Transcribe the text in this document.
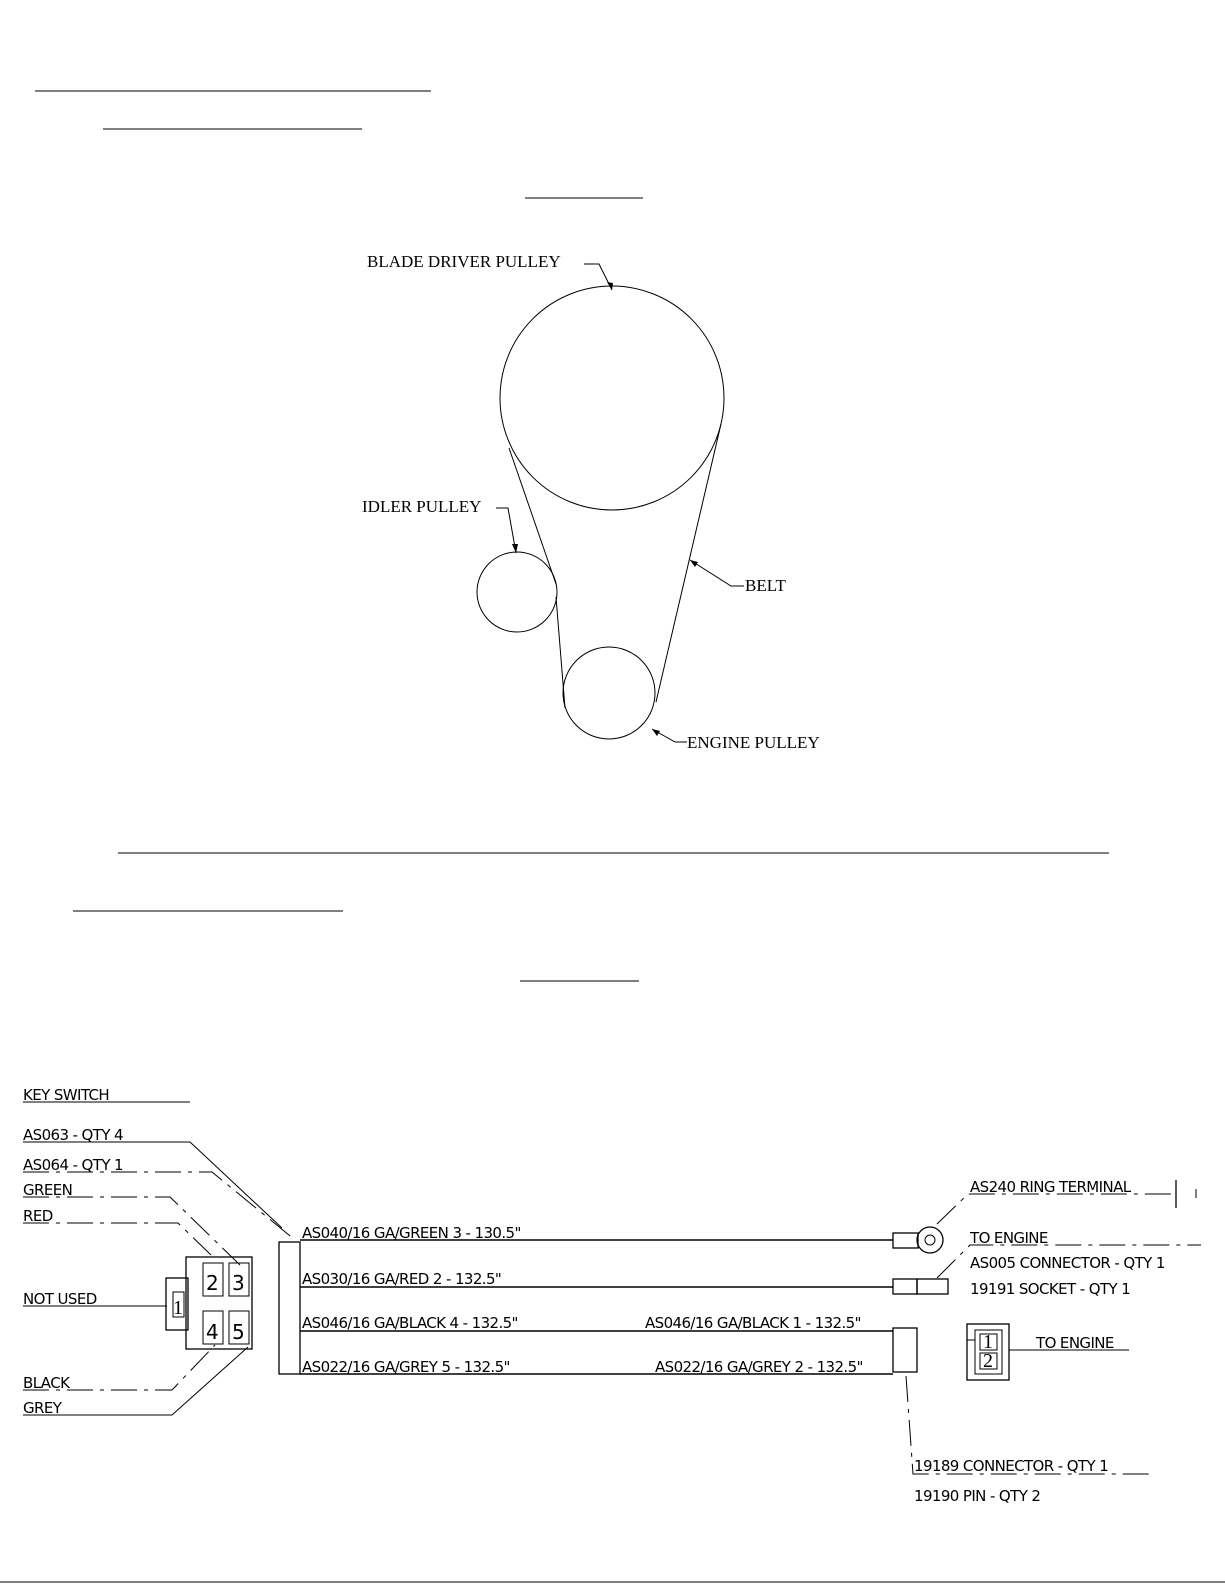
BLADE DRIVER PULLEY
IDLER PULLEY
BELT
ENGINE PULLEY
KEY SWITCH
AS063 - QTY 4
AS064 - QTY 1
GREEN
RED
NOT USED
BLACK
GREY
1
2 3
4 5
AS040/16 GA/GREEN 3 - 130.5"
AS030/16 GA/RED 2 - 132.5"
AS046/16 GA/BLACK 4 - 132.5"
AS022/16 GA/GREY 5 - 132.5"
AS046/16 GA/BLACK 1 - 132.5"
AS022/16 GA/GREY 2 - 132.5"
AS240 RING TERMINAL
TO ENGINE
AS005 CONNECTOR - QTY 1
19191 SOCKET - QTY 1
19189 CONNECTOR - QTY 1
19190 PIN - QTY 2
1
2
TO ENGINE
